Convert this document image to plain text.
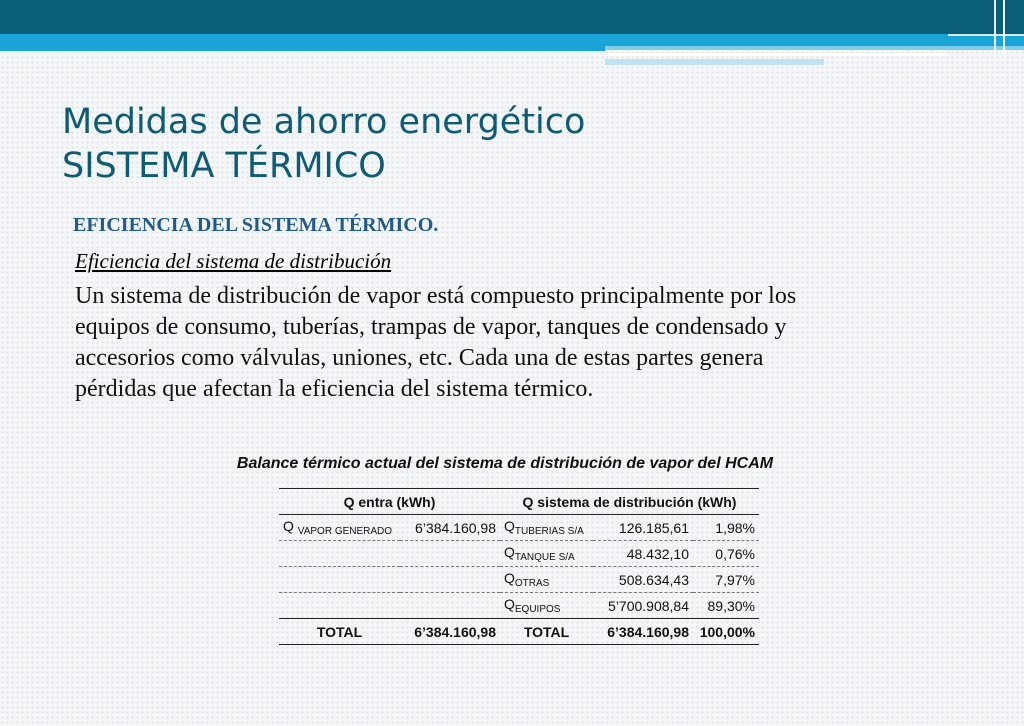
Medidas de ahorro energético
SISTEMA TÉRMICO

EFICIENCIA DEL SISTEMA TÉRMICO.

Eficiencia del sistema de distribución

Un sistema de distribución de vapor está compuesto principalmente por los
equipos de consumo, tuberías, trampas de vapor, tanques de condensado y
accesorios como válvulas, uniones, etc. Cada una de estas partes genera
pérdidas que afectan la eficiencia del sistema térmico.

Balance térmico actual del sistema de distribución de vapor del HCAM

Q entra (kWh)		Q sistema de distribución (kWh)		
Q $_{VAPOR GENERADO}$	6’384.160,98	$Q_{TUBERIAS S/A}$	126.185,61	1,98%
		$Q_{TANQUE S/A}$	48.432,10	0,76%
		$Q_{OTRAS}$	508.634,43	7,97%
		$Q_{EQUIPOS}$	5’700.908,84	89,30%
TOTAL	6’384.160,98	TOTAL	6’384.160,98	100,00%
